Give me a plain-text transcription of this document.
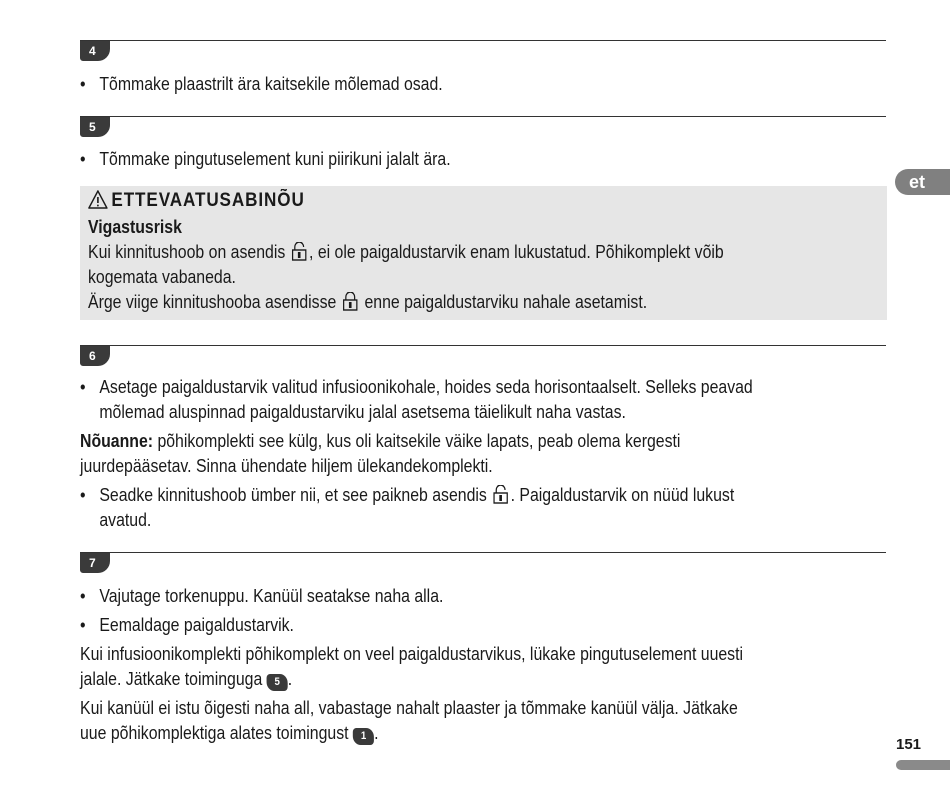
4
• Tõmmake plaastrilt ära kaitsekile mõlemad osad.
5
• Tõmmake pingutuselement kuni piirikuni jalalt ära.
ETTEVAATUSABINÕU
Vigastusrisk
Kui kinnitushoob on asendis , ei ole paigaldustarvik enam lukustatud. Põhikomplekt võib
kogemata vabaneda.
Ärge viige kinnitushooba asendisse  enne paigaldustarviku nahale asetamist.
6
• Asetage paigaldustarvik valitud infusioonikohale, hoides seda horisontaalselt. Selleks peavad
mõlemad aluspinnad paigaldustarviku jalal asetsema täielikult naha vastas.
Nõuanne: põhikomplekti see külg, kus oli kaitsekile väike lapats, peab olema kergesti
juurdepääsetav. Sinna ühendate hiljem ülekandekomplekti.
• Seadke kinnitushoob ümber nii, et see paikneb asendis . Paigaldustarvik on nüüd lukust
avatud.
7
• Vajutage torkenuppu. Kanüül seatakse naha alla.
• Eemaldage paigaldustarvik.
Kui infusioonikomplekti põhikomplekt on veel paigaldustarvikus, lükake pingutuselement uuesti
jalale. Jätkake toiminguga 5 .
Kui kanüül ei istu õigesti naha all, vabastage nahalt plaaster ja tõmmake kanüül välja. Jätkake
uue põhikomplektiga alates toimingust 1 .
et
151
